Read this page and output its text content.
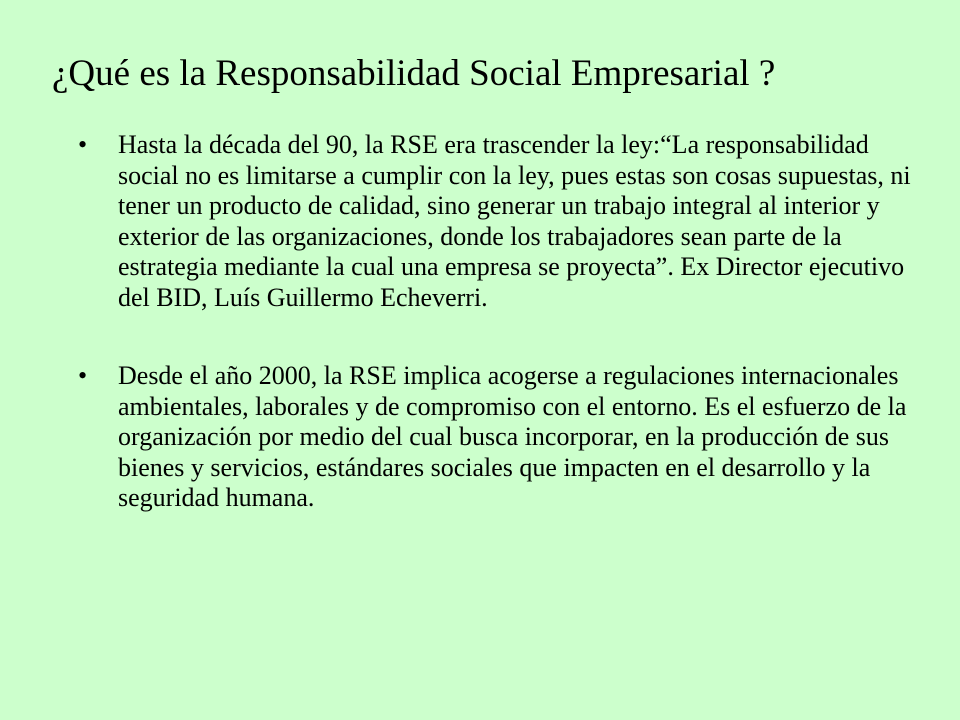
¿Qué es la Responsabilidad Social Empresarial ?
•	Hasta la década del 90, la RSE era trascender la ley:“La responsabilidad social no es limitarse a cumplir con la ley, pues estas son cosas supuestas, ni tener un producto de calidad, sino generar un trabajo integral al interior y exterior de las organizaciones, donde los trabajadores sean parte de la estrategia mediante la cual una empresa se proyecta”. Ex Director ejecutivo del BID, Luís Guillermo Echeverri.
•	Desde el año 2000, la RSE implica acogerse a regulaciones internacionales ambientales, laborales y de compromiso con el entorno. Es el esfuerzo de la organización por medio del cual busca incorporar, en la producción de sus bienes y servicios, estándares sociales que impacten en el desarrollo y la seguridad humana.
